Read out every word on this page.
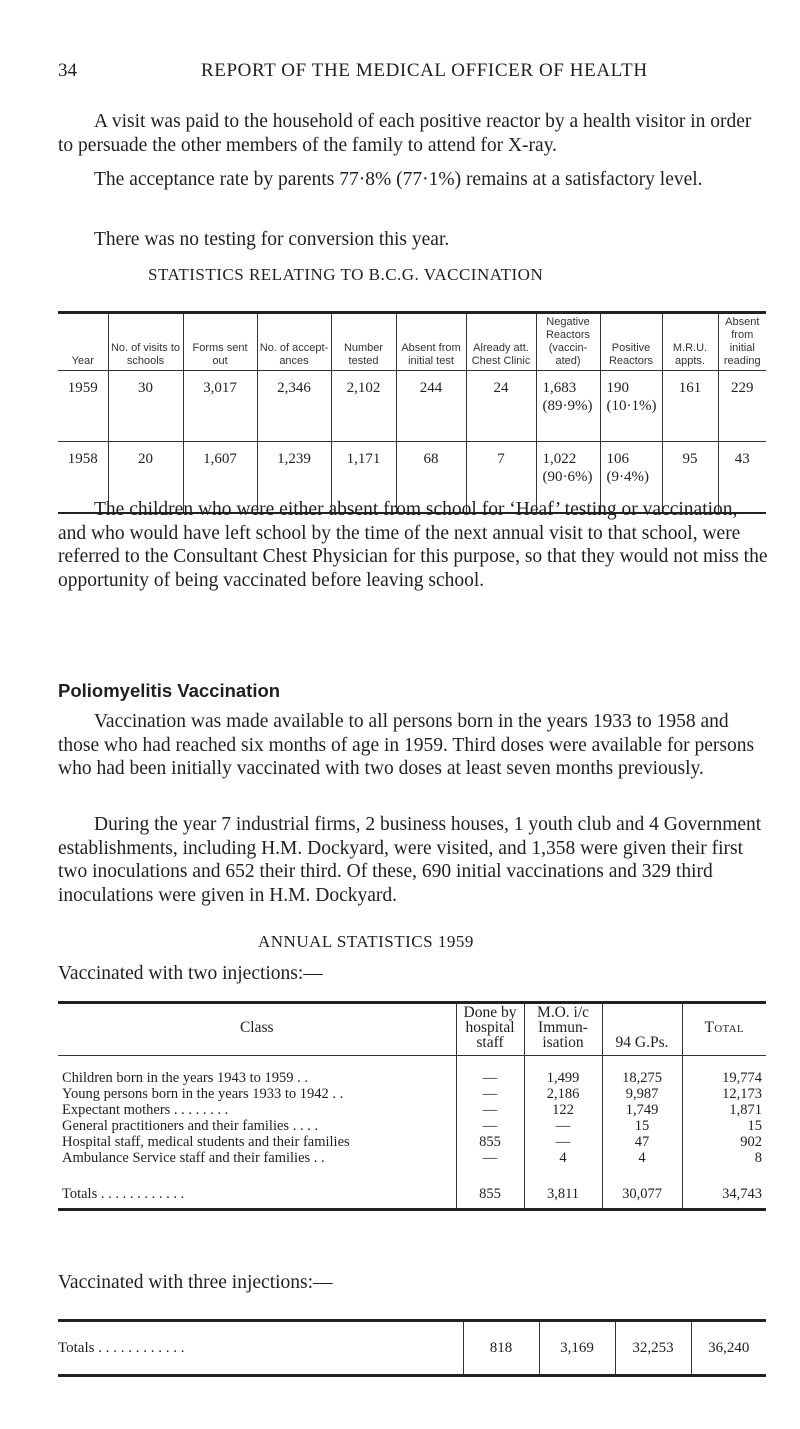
34	REPORT OF THE MEDICAL OFFICER OF HEALTH

A visit was paid to the household of each positive reactor by a health visitor in order to persuade the other members of the family to attend for X-ray.

The acceptance rate by parents 77·8% (77·1%) remains at a satisfactory level.

There was no testing for conversion this year.

STATISTICS RELATING TO B.C.G. VACCINATION
Year	No. of visits to schools	Forms sent out	No. of accept-ances	Number tested	Absent from initial test	Already att. Chest Clinic	Negative Reactors (vaccin-ated)	Positive Reactors	M.R.U. appts.	Absent from initial reading
1959	30	3,017	2,346	2,102	244	24	1,683 (89·9%)	190 (10·1%)	161	229
1958	20	1,607	1,239	1,171	68	7	1,022 (90·6%)	106 (9·4%)	95	43

The children who were either absent from school for ‘Heaf’ testing or vaccination, and who would have left school by the time of the next annual visit to that school, were referred to the Consultant Chest Physician for this purpose, so that they would not miss the opportunity of being vaccinated before leaving school.

Poliomyelitis Vaccination

Vaccination was made available to all persons born in the years 1933 to 1958 and those who had reached six months of age in 1959. Third doses were available for persons who had been initially vaccinated with two doses at least seven months previously.

During the year 7 industrial firms, 2 business houses, 1 youth club and 4 Government establishments, including H.M. Dockyard, were visited, and 1,358 were given their first two inoculations and 652 their third. Of these, 690 initial vaccinations and 329 third inoculations were given in H.M. Dockyard.

ANNUAL STATISTICS 1959

Vaccinated with two injections:—

Class	Done by hospital staff	M.O. i/c Immun-isation	94 G.Ps.	Total
Children born in the years 1943 to 1959 . .	—	1,499	18,275	19,774
Young persons born in the years 1933 to 1942 . .	—	2,186	9,987	12,173
Expectant mothers . . . . . . . .	—	122	1,749	1,871
General practitioners and their families . . . .	—	—	15	15
Hospital staff, medical students and their families	855	—	47	902
Ambulance Service staff and their families . .	—	4	4	8
Totals . . . . . . . . . . . .	855	3,811	30,077	34,743

Vaccinated with three injections:—

Totals . . . . . . . . . . . .	818	3,169	32,253	36,240
